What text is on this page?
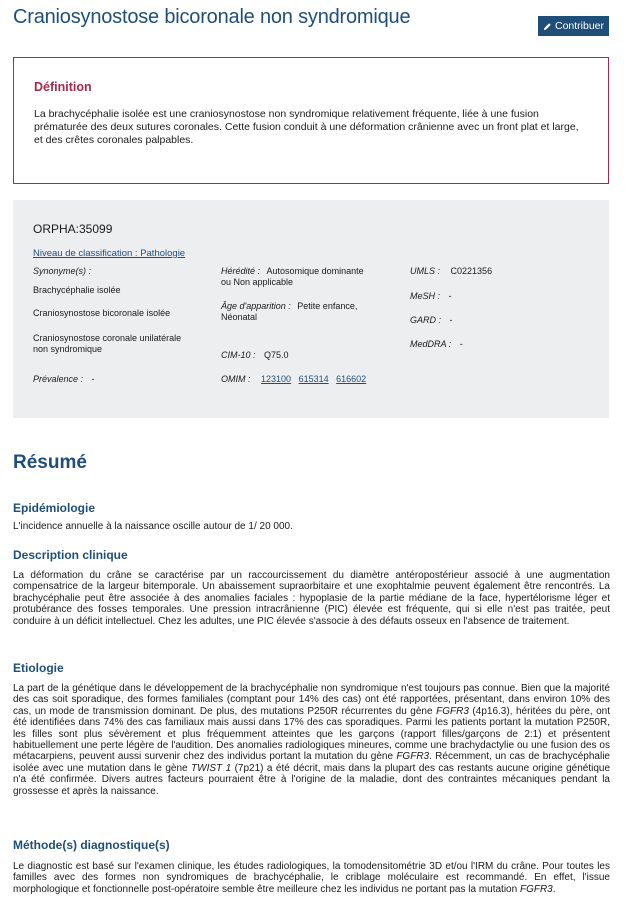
Craniosynostose bicoronale non syndromique	Contribuer
Définition

La brachycéphalie isolée est une craniosynostose non syndromique relativement fréquente, liée à une fusion prématurée des deux sutures coronales. Cette fusion conduit à une déformation crânienne avec un front plat et large, et des crêtes coronales palpables.

ORPHA:35099
Niveau de classification : Pathologie
Synonyme(s) :
Brachycéphalie isolée
Craniosynostose bicoronale isolée
Craniosynostose coronale unilatérale non syndromique
Prévalence : -
Hérédité : Autosomique dominante ou Non applicable
Âge d'apparition : Petite enfance, Néonatal
CIM-10 : Q75.0
OMIM : 123100 615314 616602
UMLS : C0221356
MeSH : -
GARD : -
MedDRA : -
Résumé
Epidémiologie

L'incidence annuelle à la naissance oscille autour de 1/ 20 000.

Description clinique

La déformation du crâne se caractérise par un raccourcissement du diamètre antéropostérieur associé à une augmentation compensatrice de la largeur bitemporale. Un abaissement supraorbitaire et une exophtalmie peuvent également être rencontrés. La brachycéphalie peut être associée à des anomalies faciales : hypoplasie de la partie médiane de la face, hypertélorisme léger et protubérance des fosses temporales. Une pression intracrânienne (PIC) élevée est fréquente, qui si elle n'est pas traitée, peut conduire à un déficit intellectuel. Chez les adultes, une PIC élevée s'associe à des défauts osseux en l'absence de traitement.

Etiologie

La part de la génétique dans le développement de la brachycéphalie non syndromique n'est toujours pas connue. Bien que la majorité des cas soit sporadique, des formes familiales (comptant pour 14% des cas) ont été rapportées, présentant, dans environ 10% des cas, un mode de transmission dominant. De plus, des mutations P250R récurrentes du gène FGFR3 (4p16.3), héritées du père, ont été identifiées dans 74% des cas familiaux mais aussi dans 17% des cas sporadiques. Parmi les patients portant la mutation P250R, les filles sont plus sévèrement et plus fréquemment atteintes que les garçons (rapport filles/garçons de 2:1) et présentent habituellement une perte légère de l'audition. Des anomalies radiologiques mineures, comme une brachydactylie ou une fusion des os métacarpiens, peuvent aussi survenir chez des individus portant la mutation du gène FGFR3. Récemment, un cas de brachycéphalie isolée avec une mutation dans le gène TWIST 1 (7p21) a été décrit, mais dans la plupart des cas restants aucune origine génétique n'a été confirmée. Divers autres facteurs pourraient être à l'origine de la maladie, dont des contraintes mécaniques pendant la grossesse et après la naissance.

Méthode(s) diagnostique(s)

Le diagnostic est basé sur l'examen clinique, les études radiologiques, la tomodensitométrie 3D et/ou l'IRM du crâne. Pour toutes les familles avec des formes non syndromiques de brachycéphalie, le criblage moléculaire est recommandé. En effet, l'issue morphologique et fonctionnelle post-opératoire semble être meilleure chez les individus ne portant pas la mutation FGFR3.
